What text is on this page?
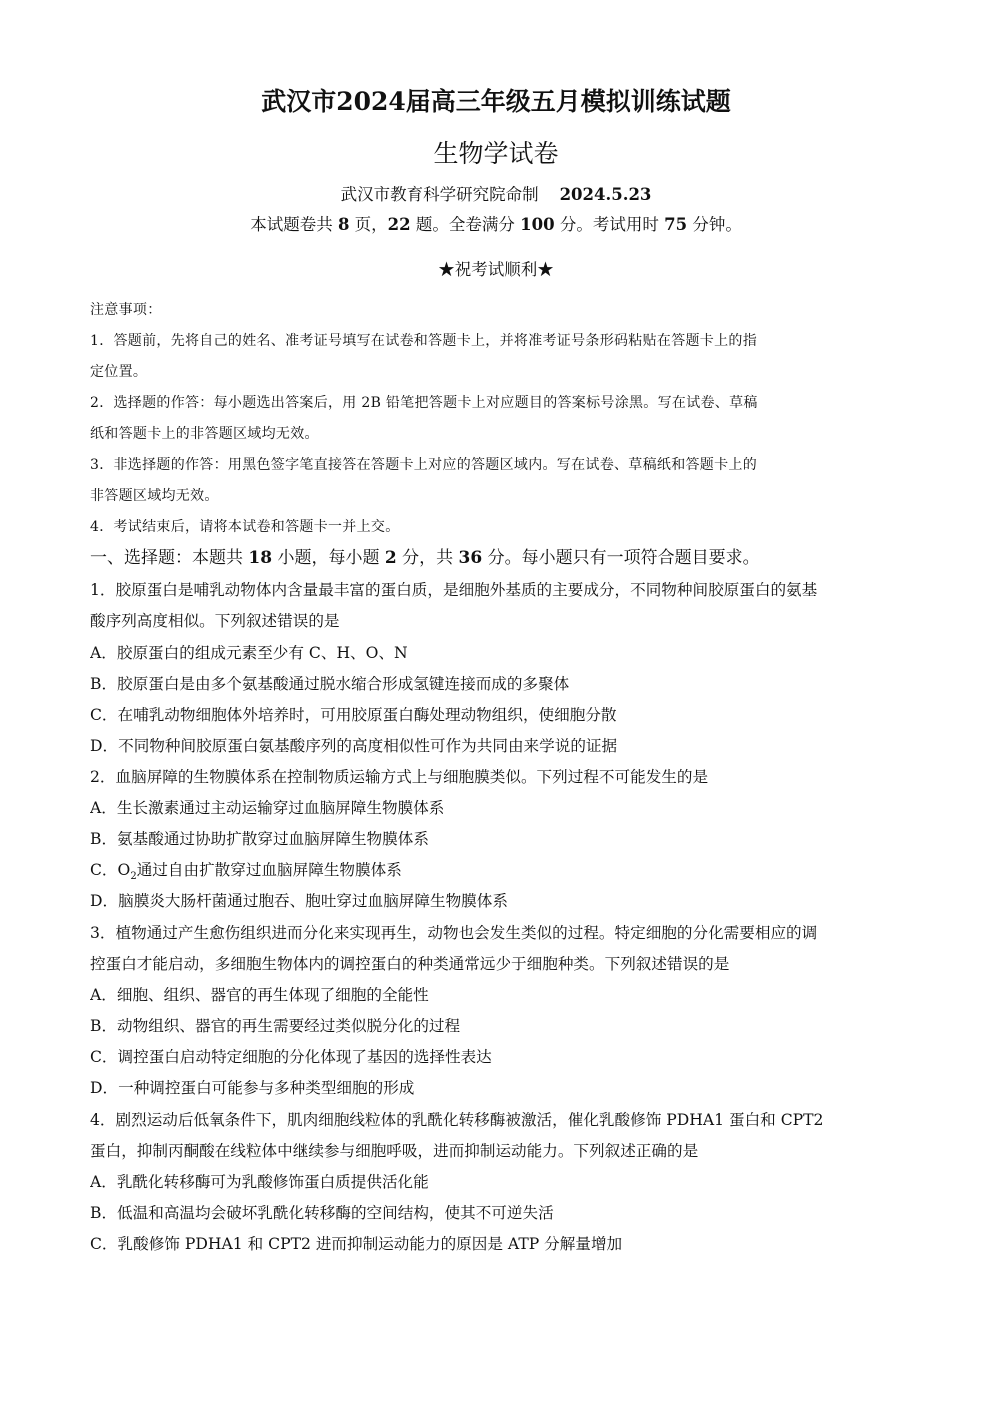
武汉市2024届高三年级五月模拟训练试题
生物学试卷
武汉市教育科学研究院命制 2024.5.23
本试题卷共 8 页，22 题。全卷满分 100 分。考试用时 75 分钟。
★祝考试顺利★
注意事项：
1．答题前，先将自己的姓名、准考证号填写在试卷和答题卡上，并将准考证号条形码粘贴在答题卡上的指
定位置。
2．选择题的作答：每小题选出答案后，用 2B 铅笔把答题卡上对应题目的答案标号涂黑。写在试卷、草稿
纸和答题卡上的非答题区域均无效。
3．非选择题的作答：用黑色签字笔直接答在答题卡上对应的答题区域内。写在试卷、草稿纸和答题卡上的
非答题区域均无效。
4．考试结束后，请将本试卷和答题卡一并上交。
一、选择题：本题共 18 小题，每小题 2 分，共 36 分。每小题只有一项符合题目要求。
1．胶原蛋白是哺乳动物体内含量最丰富的蛋白质，是细胞外基质的主要成分，不同物种间胶原蛋白的氨基
酸序列高度相似。下列叙述错误的是
A．胶原蛋白的组成元素至少有 C、H、O、N
B．胶原蛋白是由多个氨基酸通过脱水缩合形成氢键连接而成的多聚体
C．在哺乳动物细胞体外培养时，可用胶原蛋白酶处理动物组织，使细胞分散
D．不同物种间胶原蛋白氨基酸序列的高度相似性可作为共同由来学说的证据
2．血脑屏障的生物膜体系在控制物质运输方式上与细胞膜类似。下列过程不可能发生的是
A．生长激素通过主动运输穿过血脑屏障生物膜体系
B．氨基酸通过协助扩散穿过血脑屏障生物膜体系
C．$O_2$通过自由扩散穿过血脑屏障生物膜体系
D．脑膜炎大肠杆菌通过胞吞、胞吐穿过血脑屏障生物膜体系
3．植物通过产生愈伤组织进而分化来实现再生，动物也会发生类似的过程。特定细胞的分化需要相应的调
控蛋白才能启动，多细胞生物体内的调控蛋白的种类通常远少于细胞种类。下列叙述错误的是
A．细胞、组织、器官的再生体现了细胞的全能性
B．动物组织、器官的再生需要经过类似脱分化的过程
C．调控蛋白启动特定细胞的分化体现了基因的选择性表达
D．一种调控蛋白可能参与多种类型细胞的形成
4．剧烈运动后低氧条件下，肌肉细胞线粒体的乳酰化转移酶被激活，催化乳酸修饰 PDHA1 蛋白和 CPT2
蛋白，抑制丙酮酸在线粒体中继续参与细胞呼吸，进而抑制运动能力。下列叙述正确的是
A．乳酰化转移酶可为乳酸修饰蛋白质提供活化能
B．低温和高温均会破坏乳酰化转移酶的空间结构，使其不可逆失活
C．乳酸修饰 PDHA1 和 CPT2 进而抑制运动能力的原因是 ATP 分解量增加
